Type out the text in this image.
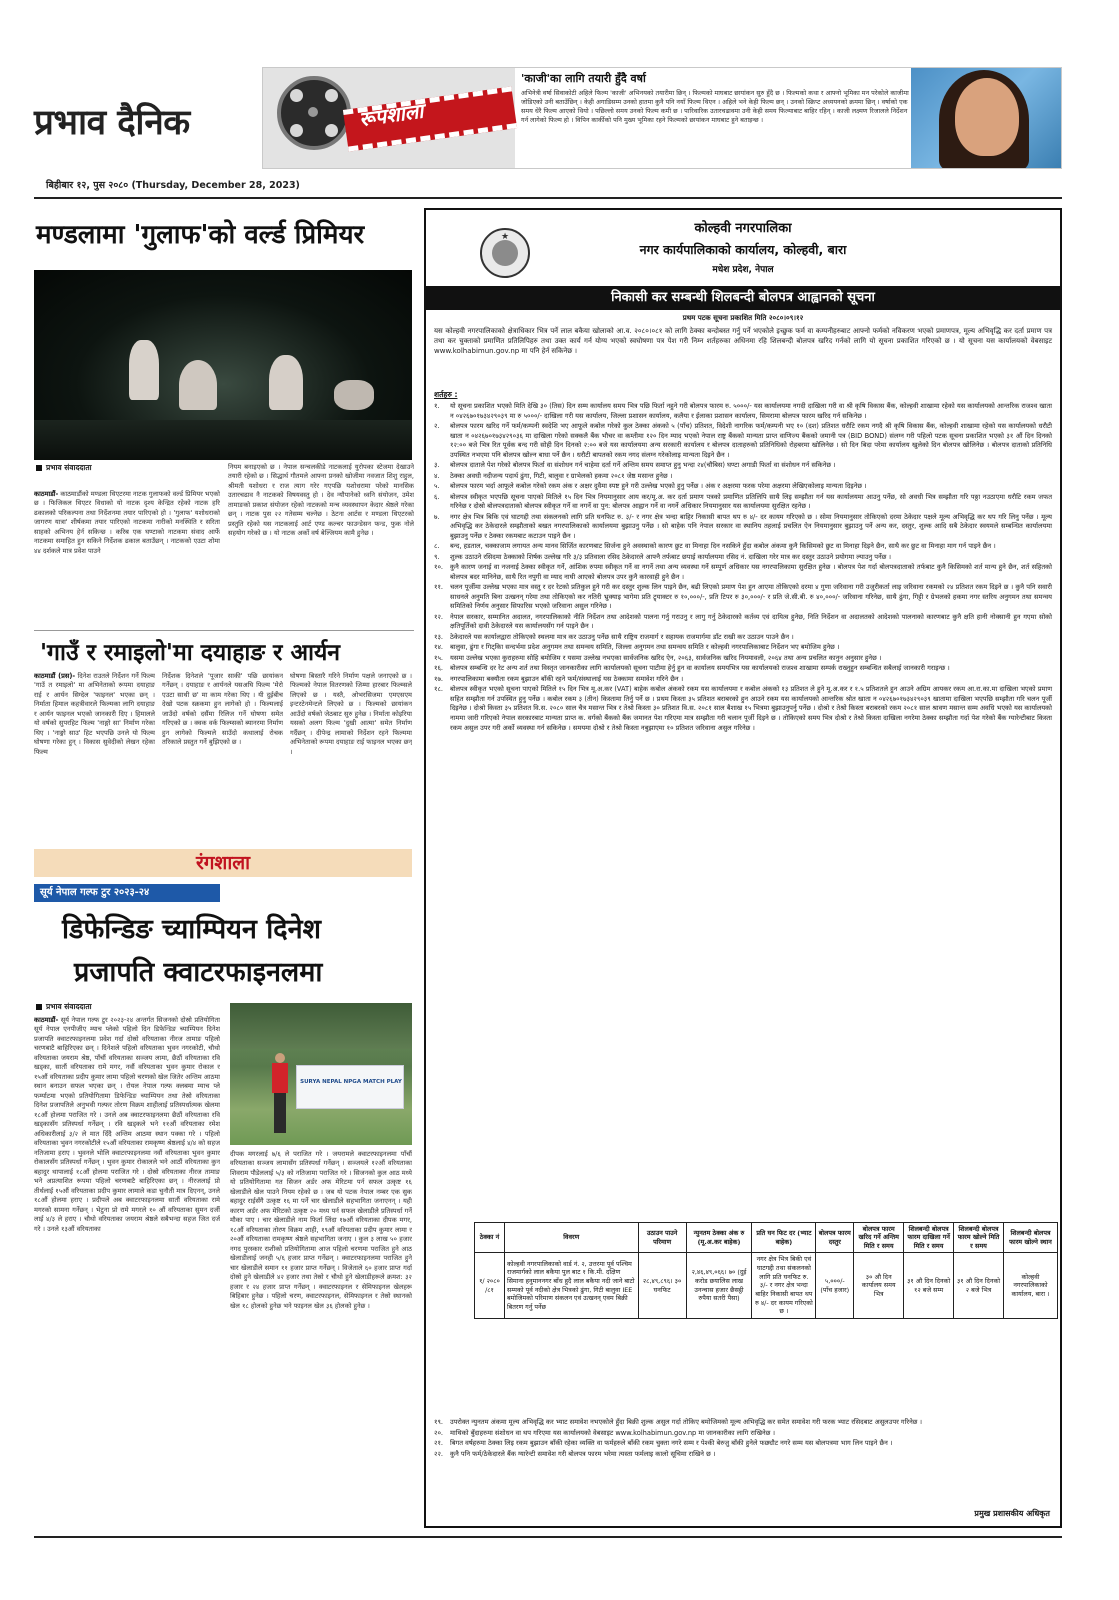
प्रभाव दैनिक	रूपशाला
'काजी'का लागि तयारी हुँदै वर्षा
अभिनेत्री वर्षा सिवाकोटी अहिले फिल्म 'काजी' अभिनयको तयारीमा छिन् । फिल्मको माघबाट छायांकन सुरु हुँदै छ । फिल्मको कथा र आफ्नो भूमिका मन परेकोले काजीमा जोडिएको उनी बताउँछिन् । केही अगाडिसम्म उनको हातमा कुनै पनि नयाँ फिल्म थिएन । अहिले भने केही फिल्म छन् । उनको स्क्रिप्ट अध्ययनको क्रममा छिन् । वर्षाको एक समय धेरै फिल्म आएको थियो । पछिल्लो समय उनको फिल्म कमी छ । पारिवारिक उतारचढावमा उनी केही समय फिल्माबाट बाहिर रहिन् । काजी लक्ष्मण रिजालले निर्देशन गर्न लागेको फिल्म हो । विपिन कार्कीको पनि मुख्य भूमिका रहने फिल्मको छायांकन माघबाट हुने बताइन्छ ।
बिहीबार १२, पुस २०८० (Thursday, December 28, 2023)
मण्डलामा 'गुलाफ'को वर्ल्ड प्रिमियर
प्रभाव संवाददाता
काठमाडौं- काठमाडौंको मण्डला थिएटरमा नाटक गुलाफको वर्ल्ड प्रिमियर भएको छ । फिजिकल थिएटर विधाको यो नाटक दृश्य केन्द्रित रहेको नाटक हरि ढकालको परिकल्पना तथा निर्देशनमा तयार पारिएको हो । 'गुलाफ' यशोधराको जागरण यात्रा' शीर्षकमा तयार पारिएको नाटकमा नारीको मनस्थिति र सरिता साहको अभिनय हेर्न सकिन्छ । करिब एक घण्टाको नाटकमा संवाद आर्फे नाटकमा समाहित हुन सकिने निर्देशक ढकाल बताउँछन् । नाटकको एउटा शोमा ४४ दर्शकले मात्र प्रवेश पाउने
नियम बनाइएको छ । नेपाल सन्चलकीडे नाटकलाई युरोपका स्टेजमा देखाउने तयारी रहेको छ । सिद्धार्थ गौतमले आफ्ना प्रनको खोजीमा नवजात शिशु राहुल, श्रीमती यशोधरा र राज त्याग गरेर गएपछि यशोधरामा परेको मानसिक उतारचढाव नै नाटकको विषयवस्तु हो । देव न्यौपानेको ध्वनि संयोजन, उमेश तामाङको प्रकाश संयोजन रहेको नाटकको मन्च व्यवस्थापन केदार श्रेष्ठले गरेका छन् । नाटक पुस २२ गतेसम्म चल्नेछ । ठेटना आर्टस र मण्डला थिएटरको प्रस्तुति रहेको यस नाटकलाई आर्ट एण्ड कल्चर फाउन्डेसन फन्ड, फुक नोले सहयोग गरेको छ । यो नाटक अर्को वर्ष बेल्जियम कामै हुनेछ ।
'गाउँ र रमाइलो'मा दयाहाङ र आर्यन
काठमाडौं (प्रस)- दिनेश राउतले निर्देशन गर्ने फिल्म 'गाउँ त रमाइलो' मा अभिनेताको रूपमा दयाहाङ राई र आर्यन सिग्देल 'फाइनल' भएका छन् । निर्माता हिमाल कहत्रीवारले फिल्मका लागि दयाहाङ र आर्यन फाइनल भएको जानकारी दिए । हिमालले यो वर्षको सुपरहिट फिल्म 'नाङ्गो सा' निर्माण गरेका थिए । 'नाङ्गो साउ' हिट भएपछि उनले यो फिल्म घोषणा गरेका हुन् । विकास सुवेदीको लेखन रहेका फिल्म
निर्देशक दिनेशले 'पूजार साकी' पछि छायांकन गर्नेछन् । दयाहाङ र आर्यनले यसअघि फिल्म 'मेरो एउटा साथी छ' मा काम गरेका थिए । यी दुईबीच देखो पटक स्क्रकमा हुन लागेको हो । फिल्मलाई जाउँदो वर्षको दसैंमा रिलिज गर्ने घोषणा समेत गरिएको छ । क्वक वर्क फिल्म्सको ब्यानरमा निर्माण हुन लागेको फिल्मले साउँदो कथालाई रोचक तरिकाले प्रस्तुत गर्ने बुझिएको छ ।
घोषणा बिस्तारै गरिने निर्माण पक्षले जनाएको छ । फिल्मको नेपाल वितरणको जिम्मा हारबार फिल्म्सले लिएको छ । यस्तै, ओभरसिजमा एमएसएम इन्टरटेनमेन्टले लिएको छ । फिल्मको छायांकन आउँदो वर्षको जेठबाट सुरु हुनेछ । निर्माता कोइरिया यसको अलग फिल्म 'दुखी आत्मा' समेत निर्माण गर्दैछन् । दीपेन्द्र लामाको निर्देशन रहने फिल्ममा अभिनेताको रूपमा दयाहाङ राई फाइनल भएका छन् ।
रंगशाला
सूर्य नेपाल गल्फ टुर २०२३-२४
डिफेन्डिङ च्याम्पियन दिनेश
प्रजापति क्वाटरफाइनलमा
प्रभाव संवाददाता
काठमाडौं- सूर्य नेपाल गल्फ टुर २०२३-२४ अन्तर्गत सिजनको दोस्रो प्रतियोगिता सूर्य नेपाल एनपीजीए म्याच प्लेको पहिलो दिन डिफेन्डिङ च्याम्पियन दिनेश प्रजापति क्वाटरफाइनलमा प्रवेश गर्दा दोस्रो वरियताका नीरज तामाङ पहिलो चरणबाटै बाहिरिएका छन् । दिनेशले पहिलो वरियताका भुवन नगरकोटी, चौथो वरियताका जयराम श्रेष्ठ, पाँचौं वरियताका सञ्जय लामा, छैठौं वरियताका रवि खड्का, सातौं वरियताका रामे मगर, नवौं वरियताका भुवन कुमार रोकाल र १५औं वरियताका प्रदीप कुमार लामा पहिलो चरणको खेल जितेर अन्तिम आठमा स्थान बनाउन सफल भएका छन् । रोयल नेपाल गल्फ क्लबमा म्याच प्ले फर्म्याटमा भएको प्रतियोगितामा डिफेन्डिङ च्याम्पियन तथा तेस्रो वरियताका दिनेश प्रजापतिले अनुभवी गल्फर तोरण विक्रम शाहीलाई प्रतिस्पर्धात्मक खेलमा १८औं होलमा पराजित गरे । उनले अब क्वाटरफाइनलमा छैठौं वरियताका रवि खड्कासँग प्रतिस्पर्धा गर्नेछन् । रवि खड्कले भने ११औं वरियताका रमेश अधिकारीलाई ३/२ ले मात दिँदै अन्तिम आठमा स्थान पक्का गरे । पहिलो वरियताका भुवन नगरकोटीले १५औं वरियताका रामकृष्ण श्रेष्ठलाई ४/४ को सहज नतिजामा हराए । भुवनले भोलि क्वाटरफाइनलमा नवौं वरियताका भुवन कुमार रोकालसँग प्रतिस्पर्धा गर्नेछन् । भुवन कुमार रोकालले भने आठौं वरियताका कुन बहादुर थापालाई १८औं होलमा पराजित गरे । दोस्रो वरियताका नीरज तामाङ भने अप्रत्याशित रूपमा पहिलो चरणबाटै बाहिरिएका छन् । नीरजलाई प्रो तीर्थलाई १५औं वरियताका प्रदीप कुमार लामाले कडा चुनौती मात्र दिएनन्, उनले १८औं होलमा हराए । प्रदीपले अब क्वाटरफाइनलमा सातौं वरियताका रामे मगरको सामना गर्नेछन् । भेटुना प्रो रामे मगरले १० औं वरियताका सुमन दर्जी लाई ४/३ ले हराए । चौथो वरियताका जयराम श्रेष्ठले सबैभन्दा सहज जित दर्ज गरे । उनले १३औं वरियताका
SURYA NEPAL NPGA MATCH PLAY
दीपक मगरलाई ७/६ ले पराजित गरे । जयरामले क्वाटरफाइनलमा पाँचौं वरियताका सञ्जय लामासँग प्रतिस्पर्धा गर्नेछन् । सञ्जयले १२औं वरियताका शिवराम पौडेललाई ५/३ को नतिजामा पराजित गरे । सिजनको कुल आठ मध्ये यो प्रतियोगितामा गत सिजन अर्डर अफ मेरिटमा पर्न सफल उत्कृष्ट १६ खेलाडीले खेल पाउने नियम रहेको छ । जब यो पटक नेपाल नम्बर एक सुक बहादुर राईसँगै उत्कृष्ट १६ मा पर्ने चार खेलाडीले सहभागिता जनाएनन् । यही कारण अर्डर अफ मेरिटको उत्कृष्ट २० मध्य पर्न सफल खेलाडीले प्रतिस्पर्धा गर्ने मौका पाए । चार खेलाडीले नाम फिर्ता लिंदा १७औं वरियताका दीपक मगर, १८औं वरियताका तोरण विक्रम शाही, १९औं वरियताका प्रदीप कुमार लामा र २०औं वरियताका रामकृष्ण श्रेष्ठले सहभागिता जनाए । कुल ३ लाख ५० हजार नगद पुरस्कार राशीको प्रतियोगितामा आज पहिलो चरणमा पराजित हुने आठ खेलाडीलाई जनही ५/६ हजार प्राप्त गर्नेछन् । क्वाटरफाइनलमा पराजित हुने चार खेलाडीले समान ११ हजार प्राप्त गर्नेछन् । विजेताले ६० हजार प्राप्त गर्दा दोस्रो हुने खेलाडीले ४२ हजार तथा तेस्रो र चौथो हुने खेलाडीहरूले क्रमश: ३२ हजार र २४ हजार प्राप्त गर्नेछन् । क्वाटरफाइनल र सेमिफाइनल खेलहरू बिहिबार हुनेछ । पहिलो चरण, क्वाटरफाइनल, सेमिफाइनल र तेस्रो स्थानको खेल १८ होलको हुनेछ भने फाइनल खेल ३६ होलको हुनेछ ।
★
कोल्हवी नगरपालिका
नगर कार्यपालिकाको कार्यालय, कोल्हवी, बारा
मधेश प्रदेश, नेपाल
निकासी कर सम्बन्धी शिलबन्दी बोलपत्र आह्वानको सूचना
प्रथम पटक सूचना प्रकाशित मिति २०८०।०९।१२
यस कोल्हवी नगरपालिकाको क्षेत्राधिकार भित्र पर्ने लाल बकैया खोलाको आ.व. २०८०।०८१ को लागि ठेक्का बन्दोबस्त गर्नु पर्ने भएकोले इच्छुक फर्म वा कम्पनीहरुबाट आफ्नो फर्मको नविकरण भएको प्रमाणपत्र, मूल्य अभिवृद्धि कर दर्ता प्रमाण पत्र तथा कर चुक्ताको प्रमाणित प्रतिलिपिहरु तथा उक्त कार्य गर्न योग्य भएको स्वघोषणा पत्र पेश गरी निम्न शर्तहरुका अधिनमा रहि शिलबन्दी बोलपत्र खरिद गर्नको लागि यो सूचना प्रकाशित गरिएको छ । यो सूचना यस कार्यालयको वेबसाइट www.kolhabimun.gov.np मा पनि हेर्न सकिनेछ ।
शर्तहरु :
१.	यो सूचना प्रकाशित भएको मिति देखि ३० (तिस) दिन सम्म कार्यालय समय भित्र पछि फिर्ता नहुने गरी बोलपत्र फारम रु. ५०००/- यस कार्यालयमा नगदी दाखिला गरी वा श्री कृषि विकास बैंक, कोल्हवी शाखामा रहेको यस कार्यालयको आन्तरिक राजश्व खाता न ०४२६७०१७३४२९०३९ मा रु ५०००/- दाखिला गरी यस कार्यालय, जिल्ला प्रशासन कार्यालय, कलैया र ईलाका प्रशासन कार्यालय, सिमरामा बोलपत्र फारम खरिद गर्न सकिनेछ ।
२.	बोलपत्र फारम खरिद गर्ने फर्म/कम्पनी स्वदेशि भए आफूले कबोल गरेको कुल ठेक्का अंकको ५ (पाँच) प्रतिशत, विदेशी नागरिक फर्म/कम्पनी भए १० (दश) प्रतिशत धरौटि रकम नगदै श्री कृषि विकास बैंक, कोल्हवी शाखामा रहेको यस कार्यालयको धरौटी खाता न ०४२६७०१७३४२९०३६ मा दाखिला गरेको सक्कलै बैंक भौचर वा कम्तीमा १२० दिन म्याद भएको नेपाल राष्ट्र बैंकको मान्यता प्राप्त वाणिज्य बैंकको जमानी पत्र (BID BOND) संलग्न गरी पहिलो पटक सूचना प्रकाशित भएको ३१ औं दिन दिनको १२:०० बजे भित्र रित पूर्वक बन्द गरी सोही दिन दिनको २:०० बजे यस कार्यालयमा अन्य सरकारी कार्यालय र बोलपत्र दाताहरुको प्रतिनिधिको रोहबरमा खोलिनेछ । सो दिन बिदा परेमा कार्यालय खुलेको दिन बोलपत्र खोलिनेछ । बोलपत्र दाताको प्रतिनिधि उपस्थित नभएमा पनि बोलपत्र खोल्न बाधा पर्ने छैन । धरौटी बापतको रकम नगद संलग्न गरेकोलाइ मान्यता दिइने छैन ।
३.	बोलपत्र दाताले पेश गरेको बोलपत्र फिर्ता वा संशोधन गर्न चाहेमा दर्ता गर्ने अन्तिम समय समाप्त हुनु भन्दा २४(चौबिस) घण्टा अगाडी फिर्ता वा संशोधन गर्न सकिनेछ ।
४.	ठेक्का अवधी नदीजन्य पदार्थ ढुंगा, गिटी, बालुवा र ग्राभेलको हकमा २०८१ जेष्ठ मसान्त हुनेछ ।
५.	बोलपत्र फारम भर्दा आफूले कबोल गरेको रकम अंक र अक्षर दुवैमा स्पष्ट हुने गरी उल्लेख भएको हुनु पर्नेछ । अंक र अक्षरमा फरक परेमा अक्षरमा लेखिएकोलाइ मान्यता दिइनेछ ।
६.	बोलपत्र स्वीकृत भएपछि सूचना पाएको मितिले १५ दिन भित्र नियमानुसार आय कर/मू.अ. कर दर्ता प्रमाण पत्रको प्रमाणित प्रतिलिपि साथै लिइ सम्झौता गर्न यस कार्यालयमा आउनु पर्नेछ, सो अवधी भित्र सम्झौता गरि पठ्ठा नउठाएमा धरौटि रकम जफत गरिनेछ र दोस्रो बोलपत्रदाताको बोलपत्र स्वीकृत गर्ने वा नगर्ने वा पुन: बोलपत्र आह्वान गर्ने वा नगर्ने अधिकार नियमानुसार यस कार्यालयमा सुरक्षित रहनेछ ।
७.	नगर क्षेत्र भित्र बिकि एवं घाटगद्दी तथा संकलनको लागि प्रति घनफिट रु. ३/- र नगर क्षेत्र भन्दा बाहिर निकासी बापत थप रु ४/- दर कायम गरिएको छ । सोमा नियमानुसार तोकिएको दरमा ठेकेदार पक्षले मूल्य अभिवृद्धि कर थप गरि लिनु पर्नेछ । मूल्य अभिवृद्धि कर ठेकेदारले सम्झौताको बखत नगरपालिकाको कार्यालयमा बुझाउनु पर्नेछ । सो बाहेक पनि नेपाल सरकार वा स्थानिय तहलाई प्रचलित ऐन नियमानुसार बुझाउनु पर्ने अन्य कर, दस्तुर, शुल्क आदि सबै ठेकेदार स्वयमले सम्बन्धित कार्यालयमा बुझाउनु पर्नेछ र ठेक्का रकमबाट कटाउन पाइने छैन ।
८.	बन्द, हडताल, चक्काजाम लगायत अन्य मानव सिर्जित कारणबाट सिर्जना हुने अवस्थाको कारण छुट वा मिनाहा दिन नसकिने हुँदा कबोल अंकमा कुनै किसिमको छुट वा मिनाहा दिइने छैन, साथै कर छुट वा मिनाहा माग गर्न पाइने छैन ।
९.	शुल्क उठाउने रसिदमा ठेक्काको शिर्षक उल्लेख गरि ३/३ प्रतिवाला रसिद ठेकेदारले आफ्नै तर्फबाट छपाई कार्यालयमा रसिद नं. दाखिला गरेर मात्र कर दस्तुर उठाउने प्रयोगमा ल्याउनु पर्नेछ ।
१०.	कुनै कारण जनाई वा नजनाई ठेक्का स्वीकृत गर्ने, आंशिक रुपमा स्वीकृत गर्ने वा नगर्ने तथा अन्य व्यवस्था गर्ने सम्पूर्ण अधिकार यस नगरपालिकामा सुरक्षित हुनेछ । बोलपत्र पेश गर्दा बोलपत्रदाताको तर्फबाट कुनै किसिमको शर्त मान्य हुने छैन, शर्त सहितको बोलपत्र बदर मानिनेछ, साथै रित नपुगी वा म्याद नाघी आएको बोलपत्र उपर कुनै कारवाही हुने छैन ।
११.	चलन पूर्जीमा उल्लेख भएका मात्र वस्तु र दर रेटको प्रतिकुल हुने गरी कर दस्तुर शुल्क लिन पाइने छैन, बढी लिएको प्रमाण पेश हुन आएमा तोकिएको दरमा ४ गुणा जरिवाना गरी उजुरीकर्ता लाइ जरिवाना रकमको २४ प्रतिशत रकम दिइने छ । कुनै पनि सवारी साधनले अनुमति बिना उत्खनन् गरेमा तथा तोकिएको कर नतिरी भ्रुक्याइ भागेमा प्रति ट्र्याक्टर रु १०,०००/-, प्रति टिपर रु ३०,०००/- र प्रति जे.सी.बी. रु ४०,०००/- जरिवाना गरिनेछ, साथै ढुंगा, गिट्टी र ग्रेभलको हकमा नगर स्तरिय अनुगमन तथा समन्वय समितिको निर्णय अनुसार सिफारिस भएको जरिवाना असुल गरिनेछ ।
१२.	नेपाल सरकार, सम्मानित अदालत, नगरपालिकाको नीति निर्देशन तथा आदेशको पालना गर्नु गराउनु र लागु गर्नु ठेकेदारको कर्तव्य एवं दायित्व हुनेछ, निति निर्देशन वा अदालतको आदेशको पालनाको कारणबाट कुनै क्षति हानी नोक्सानी हुन गएमा सोको क्षतिपूर्तिको दावी ठेकेदारले यस कार्यालयसँग गर्न पाइने छैन ।
१३.	ठेकेदारले यस कार्यालद्वारा तोकिएको स्थलमा मात्र कर उठाउनु पर्नेछ साथै राष्ट्रिय राजमार्ग र सहायक राजमार्गमा डाँट राखी कर उठाउन पाउने छैन ।
१४.	बालुवा, ढुंगा र गिट्किा सन्दर्भमा प्रदेश अनुगमन तथा समन्वय समिति, जिल्ला अनुगमन तथा समन्वय समिति र कोल्हवी नगरपालिकाबाट निर्देशन भए बमोजिम हुनेछ ।
१५.	यसमा उल्लेख भएका कुराहरुमा सोहि बमोजिम र यसमा उल्लेख नभएका सार्वजनिक खरिद ऐन, २०६३, सार्वजनिक खरिद नियमावली, २०६४ तथा अन्य प्रचलित कानुन अनुसार हुनेछ ।
१६.	बोलपत्र सम्बन्धि दर रेट अन्य शर्त तथा विस्तृत जानकारीका लागि कार्यालयको सूचना पाटीमा हेर्नु हुन वा कार्यालय समयभित्र यस कार्यालयको राजश्व शाखामा सम्पर्क राख्नुहुन सम्बन्धित सबैलाई जानकारी गराइन्छ ।
१७.	नगरपालिकामा बक्यौता रकम बुझाउन बाँकी रहने फर्म/संस्थालाई यस ठेक्कामा समावेश गरिने छैन ।
१८.	बोलपत्र स्वीकृत भएको सूचना पाएको मितिले १५ दिन भित्र मू.अ.कर (VAT) बाहेक कबोल अंकको रकम यस कार्यालयमा र कबोल अंकको १३ प्रतिशत ले हुने मू.अ.कर र १.५ प्रतिशतले हुन आउने अग्रिम आयकर रकम आ.रा.का.मा दाखिला भएको प्रमाण सहित सम्झौता गर्न उपस्थित हुनु पर्नेछ । कबोल रकम ३ (तीन) किस्तामा तिर्नु पर्ने छ । प्रथम किस्ता ३५ प्रतिशत बराबरको हुन आउने रकम यस कार्यालयको आन्तरिक श्रोत खाता न ०४२६७०१७३४२९०३९ खातामा दाखिला भएपछि सम्झौता गरि चलन पूर्जी दिइनेछ । दोश्रो किस्ता ३५ प्रतिशत वि.स. २०८० साल चैत्र मसान्त भित्र र तेश्रो किस्ता ३० प्रतिशत वि.स. २०८१ साल बैशाख १५ भित्रमा बुझाउनुपर्नु पर्नेछ । दोश्रो र तेश्रो किस्ता बराबरको रकम २०८१ साल श्रावण मसान्त सम्म अवधि भएको यस कार्यालयको नाममा जारी गरिएको नेपाल सरकारबाट मान्यता प्राप्त क. वर्गको बैंकको बैंक जमानत पेश गरिएमा मात्र सम्झौता गरी चलान पूर्जी दिइने छ । तोकिएको समय भित्र दोश्रो र तेश्रो किस्ता दाखिला नगरेमा ठेक्का सम्झौता गर्दा पेश गरेको बैंक ग्यारेन्टीबाट किस्ता रकम असुल उपर गरी अर्को व्यवस्था गर्न सकिनेछ । समयमा दोश्रो र तेश्रो किस्ता नबुझाएमा १० प्रतिशत जरिवाना असुल गरिनेछ ।
ठेक्का नं	विवरण	उठाउन पाउने परिमाण	न्युनतम ठेक्का अंक रु (मू.अ.कर बाहेक)	प्रति घन फिट दर (भ्याट बाहेक)	बोलपत्र फारम दस्तुर	बोलपत्र फारम खरिद गर्ने अन्तिम मिति र समय	शिलबन्दी बोलपत्र फारम दाखिला गर्ने मिति र समय	शिलबन्दी बोलपत्र फारम खोल्ने मिति र समय	शिलबन्दी बोलपत्र फारम खोल्ने स्थान
१/ २०८० /८१	कोल्हवी नगरपालिकाको वार्ड नं. २, उत्तरमा पूर्व पश्चिम राजमार्गको लाल बकैया पुल बाट १ कि.मी. दक्षिण सिमाना हनुमाननगर बाँध हुदै लाल बकैया नदी जाने बाटो सम्मको पूर्व नदीको क्षेत्र भित्रको ढुंगा, गिटी बालुवा IEE बमोजिमको परिमाण संकलन एवं उत्खनन् एवम बिक्री बितरण गर्नु पर्नेछ	२८,४९,८९६। ३० घनफिट	२,४६,४९,०६६। ७० (दुई करोड छयालिस लाख उनन्चास हजार छैसट्ठी रुपैया सतरी पैसा)	नगर क्षेत्र भित्र बिकी एवं घाटगद्दी तथा संकलनको लागि प्रति घनफिट रु. ३/- र नगर क्षेत्र भन्दा बाहिर निकासी बापत थप रु ४/- दर कायम गरिएको छ ।	५,०००/- (पाँच हजार)	३० औ दिन कार्यालय समय भित्र	३१ औ दिन दिनको १२ बजे सम्म	३१ औ दिन दिनको २ बजे भित्र	कोल्हवी नगरपालिकाको कार्यालय, बारा ।
१९.	उपरोक्त न्युनतम अंकमा मूल्य अभिवृद्धि कर भ्याट समावेश नभएकोले हुँदा बिक्री शुल्क असुल गर्दा तोकिए बमोजिमको मूल्य अभिवृद्धि कर समेत समावेश गरी फरक भ्याट रसिदबाट असुलउपर गरिनेछ ।
२०.	माथिको बुँदाहरुमा संशोधन वा थप गरिएमा यस कार्यालयको वेबसाइट www.kolhabimun.gov.np मा जानकारीका लागि राखिनेछ ।
२१.	बिगत वर्षहरुमा ठेक्का लिइ रकम बुझाउन बाँकी रहेका व्यक्ति वा फर्महरुले बाँकी रकम चुक्ता नगरे सम्म र पेश्की बेरुजु बाँकी हुनेले फछ्यौट नगरे सम्म यस बोलपत्रमा भाग लिन पाइने छैन ।
२२.	कुनै पनि फर्म/ठेकेदारले बैंक ग्यारेन्टी समावेश गरी बोलपत्र फारम भरेमा त्यस्ता फर्मलाइ कालो सूचिमा राखिने छ ।
प्रमुख प्रशासकीय अधिकृत
